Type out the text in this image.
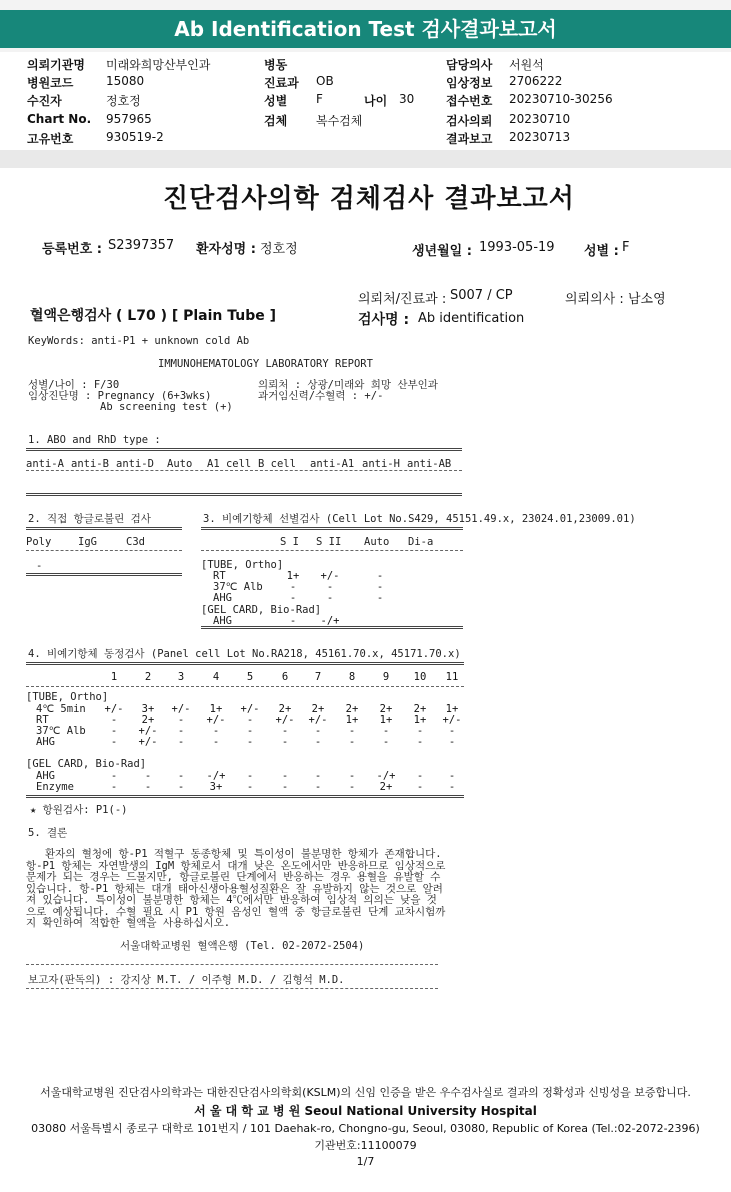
Ab Identification Test 검사결과보고서
의뢰기관명 미래와희망산부인과	병동	담당의사 서원석
병원코드	15080	진료과 OB	임상정보 2706222
수진자	정호정	성별 F	나이 30	접수번호 20230710-30256
Chart No. 957965	검체 복수검체	검사의뢰 20230710
고유번호	930519-2	결과보고 20230713
진단검사의학 검체검사 결과보고서
등록번호 : S2397357 환자성명 : 정호정	생년월일 : 1993-05-19 성별 : F
의뢰처/진료과 : S007 / CP	의뢰의사 : 남소영
혈액은행검사 ( L70 ) [ Plain Tube ]	검사명 : Ab identification
KeyWords: anti-P1 + unknown cold Ab
IMMUNOHEMATOLOGY LABORATORY REPORT
성별/나이 : F/30
임상진단명 : Pregnancy (6+3wks)
Ab screening test (+)
의뢰처 : 상광/미래와 희망 산부인과
과거임신력/수혈력 : +/-
1. ABO and RhD type :
anti-A anti-B anti-D Auto A1 cell B cell anti-A1 anti-H anti-AB
2. 직접 항글로불린 검사
Poly	IgG	C3d
-
3. 비예기항체 선별검사 (Cell Lot No.S429, 45151.49.x, 23024.01,23009.01)
S I S II Auto Di-a
[TUBE, Ortho]
RT	1+	+/-	-
37℃ Alb	-	-	-
AHG	-	-	-
[GEL CARD, Bio-Rad]
AHG	-	-/+
4. 비예기항체 동정검사 (Panel cell Lot No.RA218, 45161.70.x, 45171.70.x)
1	2	3	4	5	6	7	8	9	10	11
[TUBE, Ortho]
4℃ 5min	+/-	3+	+/-	1+	+/-	2+	2+	2+	2+	2+	1+
RT	-	2+	-	+/-	-	+/-	+/-	1+	1+	1+	+/-
37℃ Alb	-	+/-	-	-	-	-	-	-	-	-	-
AHG	-	+/-	-	-	-	-	-	-	-	-	-
[GEL CARD, Bio-Rad]
AHG	-	-	-	-/+	-	-	-	-	-/+	-	-
Enzyme	-	-	-	3+	-	-	-	-	2+	-	-
★ 항원검사: P1(-)
5. 결론
환자의 혈청에 항-P1 적혈구 동종항체 및 특이성이 불분명한 항체가 존재합니다.
항-P1 항체는 자연발생의 IgM 항체로서 대개 낮은 온도에서만 반응하므로 임상적으로
문제가 되는 경우는 드물지만, 항글로불린 단계에서 반응하는 경우 용혈을 유발할 수
있습니다. 항-P1 항체는 대개 태아신생아용혈성질환은 잘 유발하지 않는 것으로 알려
져 있습니다. 특이성이 불분명한 항체는 4℃에서만 반응하여 임상적 의의는 낮을 것
으로 예상됩니다. 수혈 필요 시 P1 항원 음성인 혈액 중 항글로불린 단계 교차시험까
지 확인하여 적합한 혈액을 사용하십시오.
서울대학교병원 혈액은행 (Tel. 02-2072-2504)
보고자(판독의) : 강지상 M.T. / 이주형 M.D. / 김형석 M.D.
서울대학교병원 진단검사의학과는 대한진단검사의학회(KSLM)의 신임 인증을 받은 우수검사실로 결과의 정확성과 신빙성을 보증합니다.
서 울 대 학 교 병 원 Seoul National University Hospital
03080 서울특별시 종로구 대학로 101번지 / 101 Daehak-ro, Chongno-gu, Seoul, 03080, Republic of Korea (Tel.:02-2072-2396)
기관번호:11100079
1/7
